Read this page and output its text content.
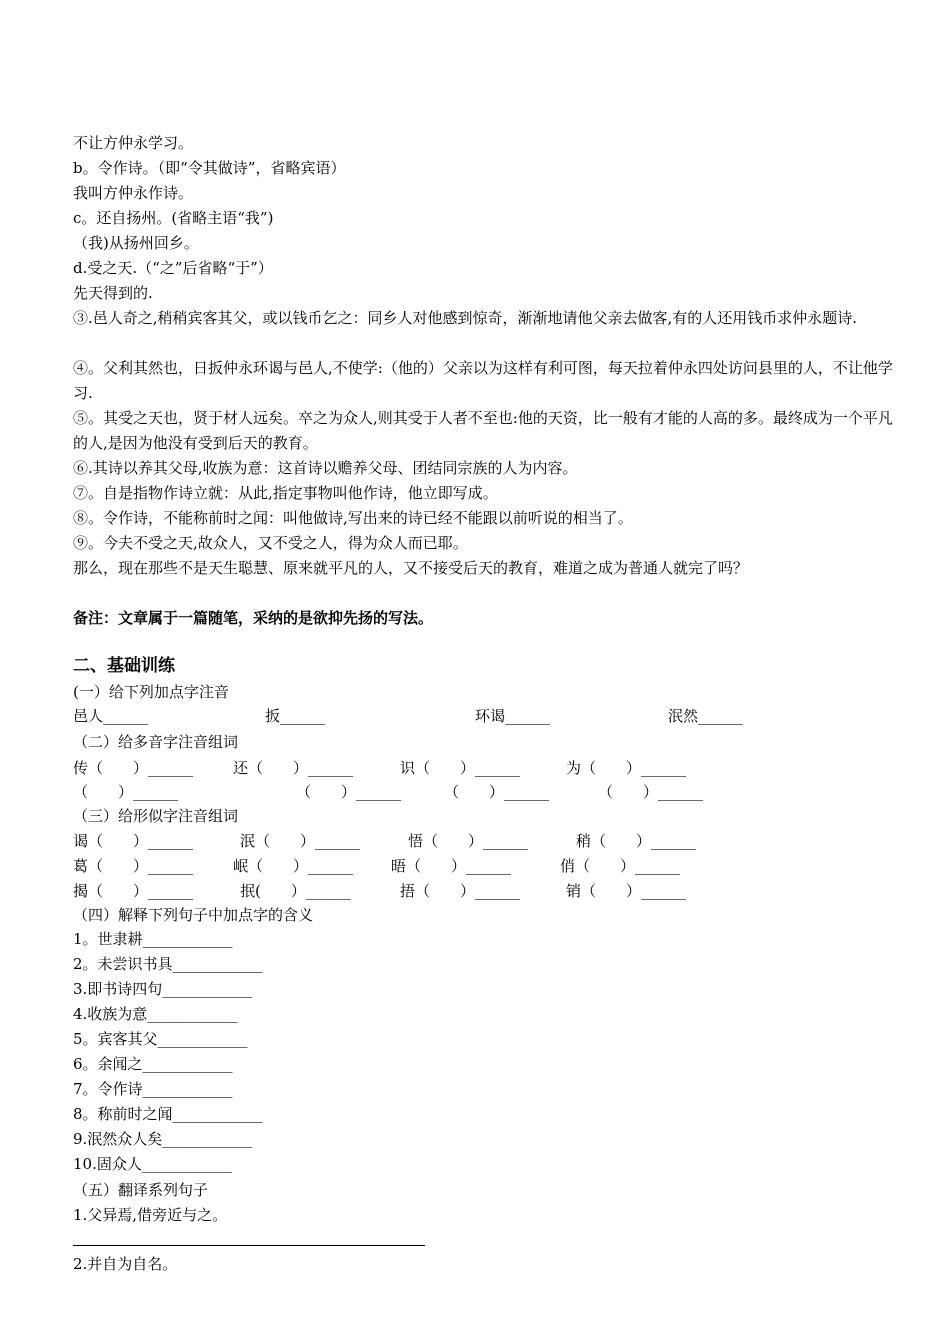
不让方仲永学习。
b。令作诗。（即“令其做诗”，省略宾语）
我叫方仲永作诗。
c。还自扬州。(省略主语“我”)
（我)从扬州回乡。
d.受之天.（“之”后省略“于”）
先天得到的.
③.邑人奇之,稍稍宾客其父，或以钱币乞之：同乡人对他感到惊奇，渐渐地请他父亲去做客,有的人还用钱币求仲永题诗.
④。父利其然也，日扳仲永环谒与邑人,不使学:（他的）父亲以为这样有利可图，每天拉着仲永四处访问县里的人，不让他学习.
⑤。其受之天也，贤于材人远矣。卒之为众人,则其受于人者不至也:他的天资，比一般有才能的人高的多。最终成为一个平凡的人,是因为他没有受到后天的教育。
⑥.其诗以养其父母,收族为意：这首诗以赡养父母、团结同宗族的人为内容。
⑦。自是指物作诗立就：从此,指定事物叫他作诗，他立即写成。
⑧。令作诗，不能称前时之闻：叫他做诗,写出来的诗已经不能跟以前听说的相当了。
⑨。今夫不受之天,故众人，又不受之人，得为众人而已耶。
那么，现在那些不是天生聪慧、原来就平凡的人，又不接受后天的教育，难道之成为普通人就完了吗？
备注：文章属于一篇随笔，采纳的是欲抑先扬的写法。
二、基础训练
(一）给下列加点字注音
邑人______	扳______	环谒______	泯然______
（二）给多音字注音组词
传（　　）______	还（　　）______	识（　　）______	为（　　）______
（　　）______	（　　）______	（　　）______	（　　）______
（三）给形似字注音组词
谒（　　）______	泯（　　）______	悟（　　）______	稍（　　）______
葛（　　）______	岷（　　）______	晤（　　）______	俏（　　）______
揭（　　）______	抿(　　）______	捂（　　）______	销（　　）______
（四）解释下列句子中加点字的含义
1。世隶耕____________
2。未尝识书具____________
3.即书诗四句____________
4.收族为意____________
5。宾客其父____________
6。余闻之____________
7。令作诗____________
8。称前时之闻____________
9.泯然众人矣____________
10.固众人____________
（五）翻译系列句子
1.父异焉,借旁近与之。
2.并自为自名。
